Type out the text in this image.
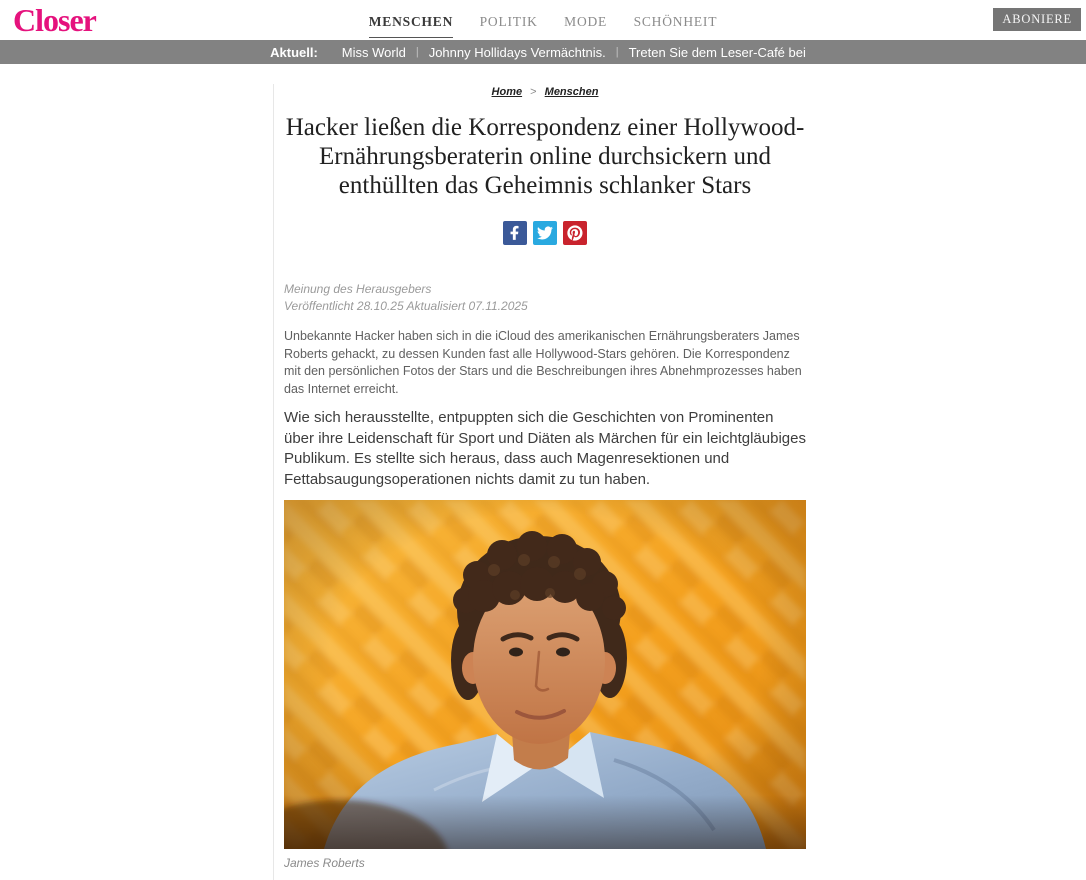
Closer	MENSCHEN POLITIK MODE SCHÖNHEIT	ABONIERE
Aktuell: Miss World | Johnny Hollidays Vermächtnis. | Treten Sie dem Leser-Café bei
Home > Menschen
Hacker ließen die Korrespondenz einer Hollywood-Ernährungsberaterin online durchsickern und enthüllten das Geheimnis schlanker Stars
Meinung des Herausgebers
Veröffentlicht 28.10.25 Aktualisiert 07.11.2025

Unbekannte Hacker haben sich in die iCloud des amerikanischen Ernährungsberaters James Roberts gehackt, zu dessen Kunden fast alle Hollywood-Stars gehören. Die Korrespondenz mit den persönlichen Fotos der Stars und die Beschreibungen ihres Abnehmprozesses haben das Internet erreicht.

Wie sich herausstellte, entpuppten sich die Geschichten von Prominenten über ihre Leidenschaft für Sport und Diäten als Märchen für ein leichtgläubiges Publikum. Es stellte sich heraus, dass auch Magenresektionen und Fettabsaugungsoperationen nichts damit zu tun haben.

James Roberts
